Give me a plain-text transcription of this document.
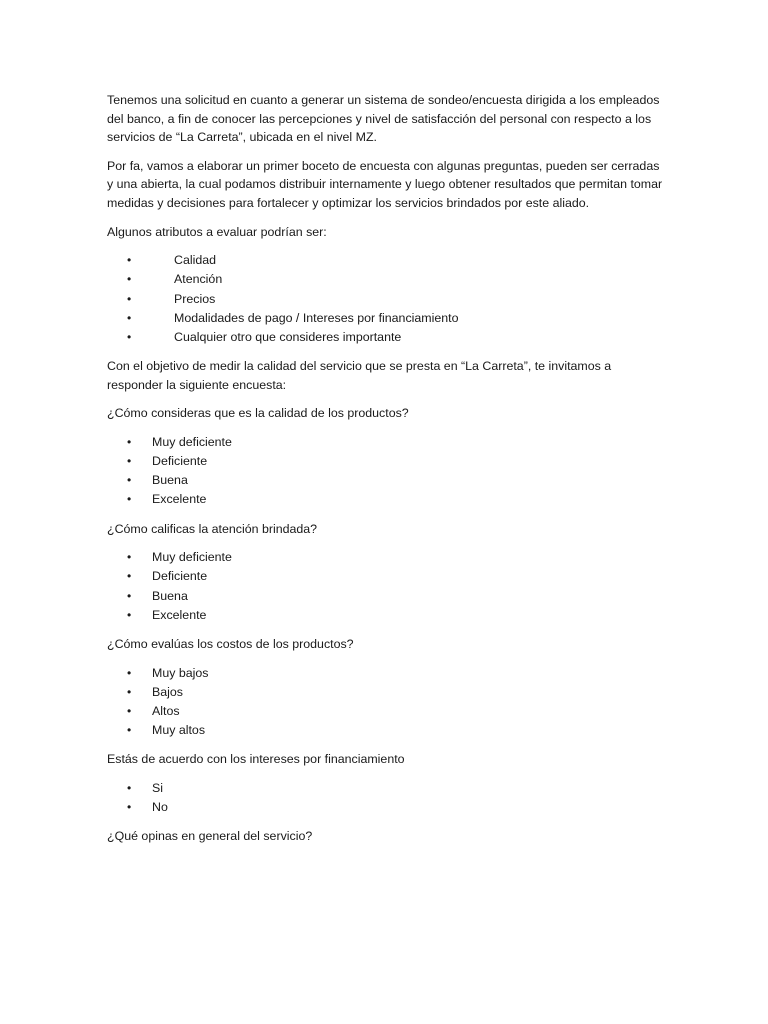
Tenemos una solicitud en cuanto a generar un sistema de sondeo/encuesta dirigida a los empleados del banco, a fin de conocer las percepciones y nivel de satisfacción del personal con respecto a los servicios de “La Carreta”, ubicada en el nivel MZ.

Por fa, vamos a elaborar un primer boceto de encuesta con algunas preguntas, pueden ser cerradas y una abierta, la cual podamos distribuir internamente y luego obtener resultados que permitan tomar medidas y decisiones para fortalecer y optimizar los servicios brindados por este aliado.

Algunos atributos a evaluar podrían ser:

•	Calidad
•	Atención
•	Precios
•	Modalidades de pago / Intereses por financiamiento
•	Cualquier otro que consideres importante

Con el objetivo de medir la calidad del servicio que se presta en “La Carreta”, te invitamos a responder la siguiente encuesta:

¿Cómo consideras que es la calidad de los productos?

• Muy deficiente
• Deficiente
• Buena
• Excelente

¿Cómo calificas la atención brindada?

• Muy deficiente
• Deficiente
• Buena
• Excelente

¿Cómo evalúas los costos de los productos?

• Muy bajos
• Bajos
• Altos
• Muy altos

Estás de acuerdo con los intereses por financiamiento

• Si
• No

¿Qué opinas en general del servicio?
